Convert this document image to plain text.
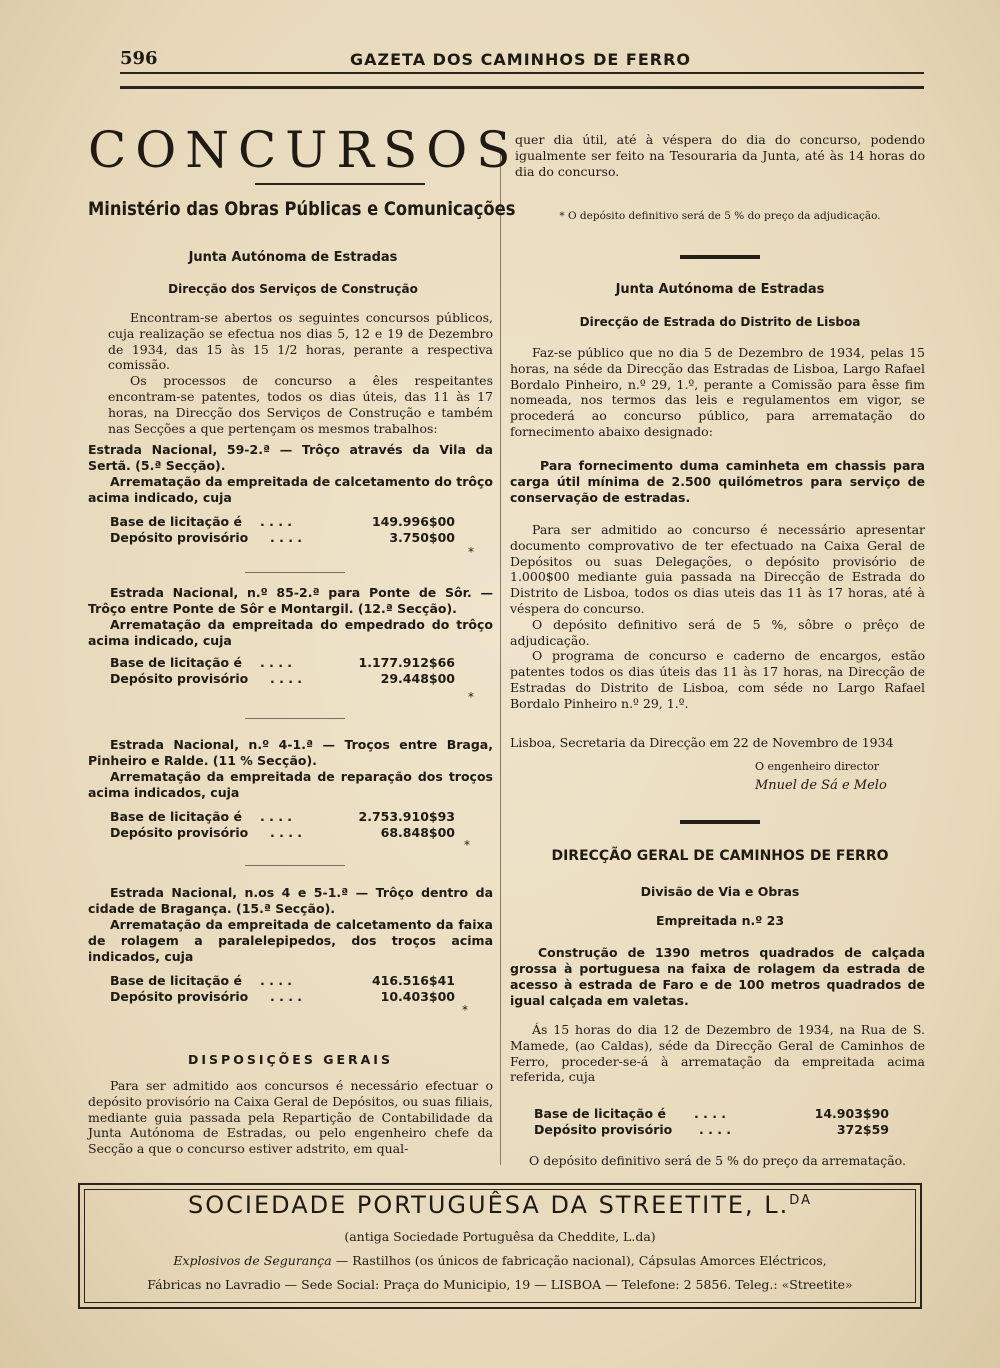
596	GAZETA DOS CAMINHOS DE FERRO
CONCURSOS
Ministério das Obras Públicas e Comunicações
Junta Autónoma de Estradas
Direcção dos Serviços de Construção

Encontram-se abertos os seguintes concursos públicos, cuja realização se efectua nos dias 5, 12 e 19 de Dezembro de 1934, das 15 às 15 1/2 horas, perante a respectiva comissão.

Os processos de concurso a êles respeitantes encontram-se patentes, todos os dias úteis, das 11 às 17 horas, na Direcção dos Serviços de Construção e também nas Secções a que pertençam os mesmos trabalhos:

Estrada Nacional, 59-2.ª — Trôço através da Vila da Sertã. (5.ª Secção).
Arrematação da empreitada de calcetamento do trôço acima indicado, cuja
Base de licitação é . . . .	149.996$00
Depósito provisório . . . .	3.750$00
Estrada Nacional, n.º 85-2.ª para Ponte de Sôr. — Trôço entre Ponte de Sôr e Montargil. (12.ª Secção).
Arrematação da empreitada do empedrado do trôço acima indicado, cuja
Base de licitação é . . . .	1.177.912$66
Depósito provisório . . . .	29.448$00
Estrada Nacional, n.º 4-1.ª — Troços entre Braga, Pinheiro e Ralde. (11 % Secção).
Arrematação da empreitada de reparação dos troços acima indicados, cuja
Base de licitação é . . . .	2.753.910$93
Depósito provisório . . . .	68.848$00
Estrada Nacional, n.os 4 e 5-1.ª — Trôço dentro da cidade de Bragança. (15.ª Secção).
Arrematação da empreitada de calcetamento da faixa de rolagem a paralelepipedos, dos troços acima indicados, cuja
Base de licitação é . . . .	416.516$41
Depósito provisório . . . .	10.403$00
*
*
*
*
DISPOSIÇÕES GERAIS

Para ser admitido aos concursos é necessário efectuar o depósito provisório na Caixa Geral de Depósitos, ou suas filiais, mediante guia passada pela Repartição de Contabilidade da Junta Autónoma de Estradas, ou pelo engenheiro chefe da Secção a que o concurso estiver adstrito, em qual-

quer dia útil, até à véspera do dia do concurso, podendo igualmente ser feito na Tesouraria da Junta, até às 14 horas do dia do concurso.

* O depósito definitivo será de 5 % do preço da adjudicação.
Junta Autónoma de Estradas
Direcção de Estrada do Distrito de Lisboa

Faz-se público que no dia 5 de Dezembro de 1934, pelas 15 horas, na séde da Direcção das Estradas de Lisboa, Largo Rafael Bordalo Pinheiro, n.º 29, 1.º, perante a Comissão para êsse fim nomeada, nos termos das leis e regulamentos em vigor, se procederá ao concurso público, para arrematação do fornecimento abaixo designado:

Para fornecimento duma caminheta em chassis para carga útil mínima de 2.500 quilómetros para serviço de conservação de estradas.

Para ser admitido ao concurso é necessário apresentar documento comprovativo de ter efectuado na Caixa Geral de Depósitos ou suas Delegações, o depósito provisório de 1.000$00 mediante guia passada na Direcção de Estrada do Distrito de Lisboa, todos os dias uteis das 11 às 17 horas, até à véspera do concurso.

O depósito definitivo será de 5 %, sôbre o prêço de adjudicação.

O programa de concurso e caderno de encargos, estão patentes todos os dias úteis das 11 às 17 horas, na Direcção de Estradas do Distrito de Lisboa, com séde no Largo Rafael Bordalo Pinheiro n.º 29, 1.º.

Lisboa, Secretaria da Direcção em 22 de Novembro de 1934
O engenheiro director
Mnuel de Sá e Melo
DIRECÇÃO GERAL DE CAMINHOS DE FERRO
Divisão de Via e Obras
Empreitada n.º 23
Construção de 1390 metros quadrados de calçada grossa à portuguesa na faixa de rolagem da estrada de acesso à estrada de Faro e de 100 metros quadrados de igual calçada em valetas.

Ás 15 horas do dia 12 de Dezembro de 1934, na Rua de S. Mamede, (ao Caldas), séde da Direcção Geral de Caminhos de Ferro, proceder-se-á à arrematação da empreitada acima referida, cuja

Base de licitação é . . . .	14.903$90
Depósito provisório . . . .	372$59
O depósito definitivo será de 5 % do preço da arrematação.
SOCIEDADE PORTUGUÊSA DA STREETITE, L.$^{DA}$
(antiga Sociedade Portuguêsa da Cheddite, L.da)
Explosivos de Segurança — Rastilhos (os únicos de fabricação nacional), Cápsulas Amorces Eléctricos,
Fábricas no Lavradio — Sede Social: Praça do Municipio, 19 — LISBOA — Telefone: 2 5856. Teleg.: «Streetite»
